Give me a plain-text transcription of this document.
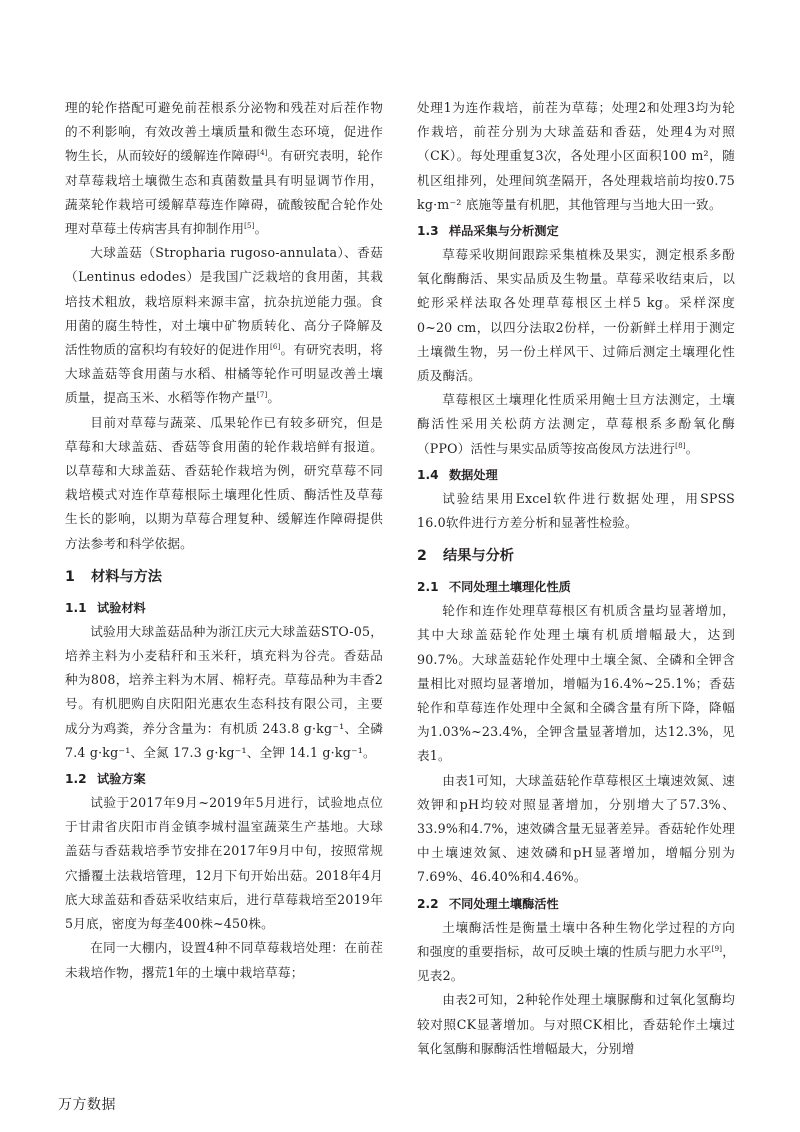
理的轮作搭配可避免前茬根系分泌物和残茬对后茬作物的不利影响，有效改善土壤质量和微生态环境，促进作物生长，从而较好的缓解连作障碍[4]。有研究表明，轮作对草莓栽培土壤微生态和真菌数量具有明显调节作用，蔬菜轮作栽培可缓解草莓连作障碍，硫酸铵配合轮作处理对草莓土传病害具有抑制作用[5]。

大球盖菇（Stropharia rugoso-annulata）、香菇（Lentinus edodes）是我国广泛栽培的食用菌，其栽培技术粗放，栽培原料来源丰富，抗杂抗逆能力强。食用菌的腐生特性，对土壤中矿物质转化、高分子降解及活性物质的富积均有较好的促进作用[6]。有研究表明，将大球盖菇等食用菌与水稻、柑橘等轮作可明显改善土壤质量，提高玉米、水稻等作物产量[7]。

目前对草莓与蔬菜、瓜果轮作已有较多研究，但是草莓和大球盖菇、香菇等食用菌的轮作栽培鲜有报道。以草莓和大球盖菇、香菇轮作栽培为例，研究草莓不同栽培模式对连作草莓根际土壤理化性质、酶活性及草莓生长的影响，以期为草莓合理复种、缓解连作障碍提供方法参考和科学依据。

1 材料与方法
1.1 试验材料

试验用大球盖菇品种为浙江庆元大球盖菇STO-05，培养主料为小麦秸秆和玉米秆，填充料为谷壳。香菇品种为808，培养主料为木屑、棉籽壳。草莓品种为丰香2号。有机肥购自庆阳阳光惠农生态科技有限公司，主要成分为鸡粪，养分含量为：有机质 243.8 g·kg⁻¹、全磷 7.4 g·kg⁻¹、全氮 17.3 g·kg⁻¹、全钾 14.1 g·kg⁻¹。

1.2 试验方案

试验于2017年9月~2019年5月进行，试验地点位于甘肃省庆阳市肖金镇李城村温室蔬菜生产基地。大球盖菇与香菇栽培季节安排在2017年9月中旬，按照常规穴播覆土法栽培管理，12月下旬开始出菇。2018年4月底大球盖菇和香菇采收结束后，进行草莓栽培至2019年5月底，密度为每垄400株~450株。

在同一大棚内，设置4种不同草莓栽培处理：在前茬未栽培作物，撂荒1年的土壤中栽培草莓；

处理1为连作栽培，前茬为草莓；处理2和处理3均为轮作栽培，前茬分别为大球盖菇和香菇，处理4为对照（CK）。每处理重复3次，各处理小区面积100 m²，随机区组排列，处理间筑垄隔开，各处理栽培前均按0.75 kg·m⁻² 底施等量有机肥，其他管理与当地大田一致。

1.3 样品采集与分析测定

草莓采收期间跟踪采集植株及果实，测定根系多酚氧化酶酶活、果实品质及生物量。草莓采收结束后，以蛇形采样法取各处理草莓根区土样5 kg。采样深度0~20 cm，以四分法取2份样，一份新鲜土样用于测定土壤微生物，另一份土样风干、过筛后测定土壤理化性质及酶活。

草莓根区土壤理化性质采用鲍士旦方法测定，土壤酶活性采用关松荫方法测定，草莓根系多酚氧化酶（PPO）活性与果实品质等按高俊凤方法进行[8]。

1.4 数据处理

试验结果用Excel软件进行数据处理，用SPSS 16.0软件进行方差分析和显著性检验。

2 结果与分析
2.1 不同处理土壤理化性质

轮作和连作处理草莓根区有机质含量均显著增加，其中大球盖菇轮作处理土壤有机质增幅最大，达到90.7%。大球盖菇轮作处理中土壤全氮、全磷和全钾含量相比对照均显著增加，增幅为16.4%~25.1%；香菇轮作和草莓连作处理中全氮和全磷含量有所下降，降幅为1.03%~23.4%，全钾含量显著增加，达12.3%，见表1。

由表1可知，大球盖菇轮作草莓根区土壤速效氮、速效钾和pH均较对照显著增加，分别增大了57.3%、33.9%和4.7%，速效磷含量无显著差异。香菇轮作处理中土壤速效氮、速效磷和pH显著增加，增幅分别为7.69%、46.40%和4.46%。

2.2 不同处理土壤酶活性

土壤酶活性是衡量土壤中各种生物化学过程的方向和强度的重要指标，故可反映土壤的性质与肥力水平[9]，见表2。

由表2可知，2种轮作处理土壤脲酶和过氧化氢酶均较对照CK显著增加。与对照CK相比，香菇轮作土壤过氧化氢酶和脲酶活性增幅最大，分别增

万方数据
